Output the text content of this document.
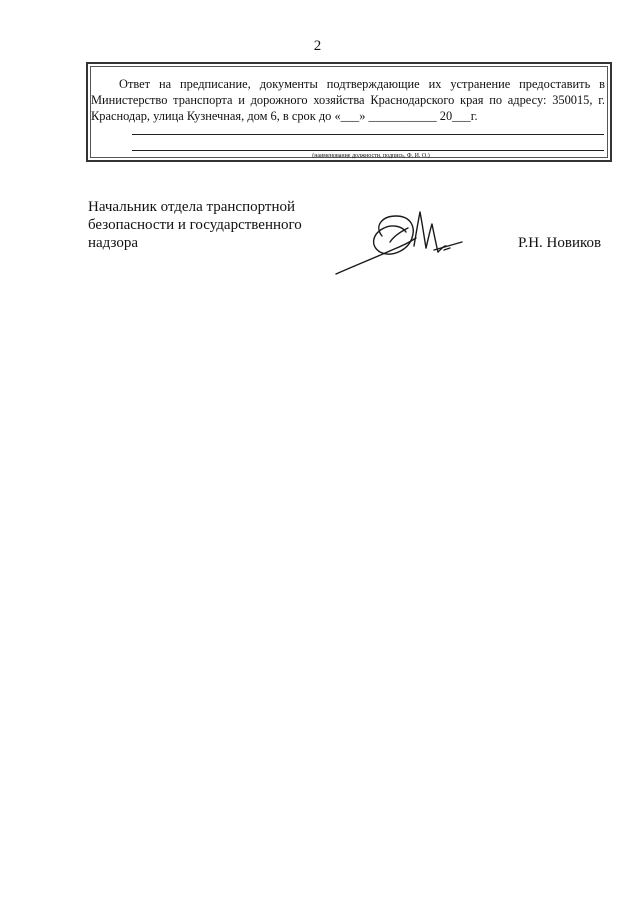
2
Ответ на предписание, документы подтверждающие их устранение предоставить в Министерство транспорта и дорожного хозяйства Краснодарского края по адресу: 350015, г. Краснодар, улица Кузнечная, дом 6, в срок до «___» ___________ 20___г.
(наименование должности, подпись, Ф. И. О.)
Начальник отдела транспортной
безопасности и государственного
надзора	Р.Н. Новиков
